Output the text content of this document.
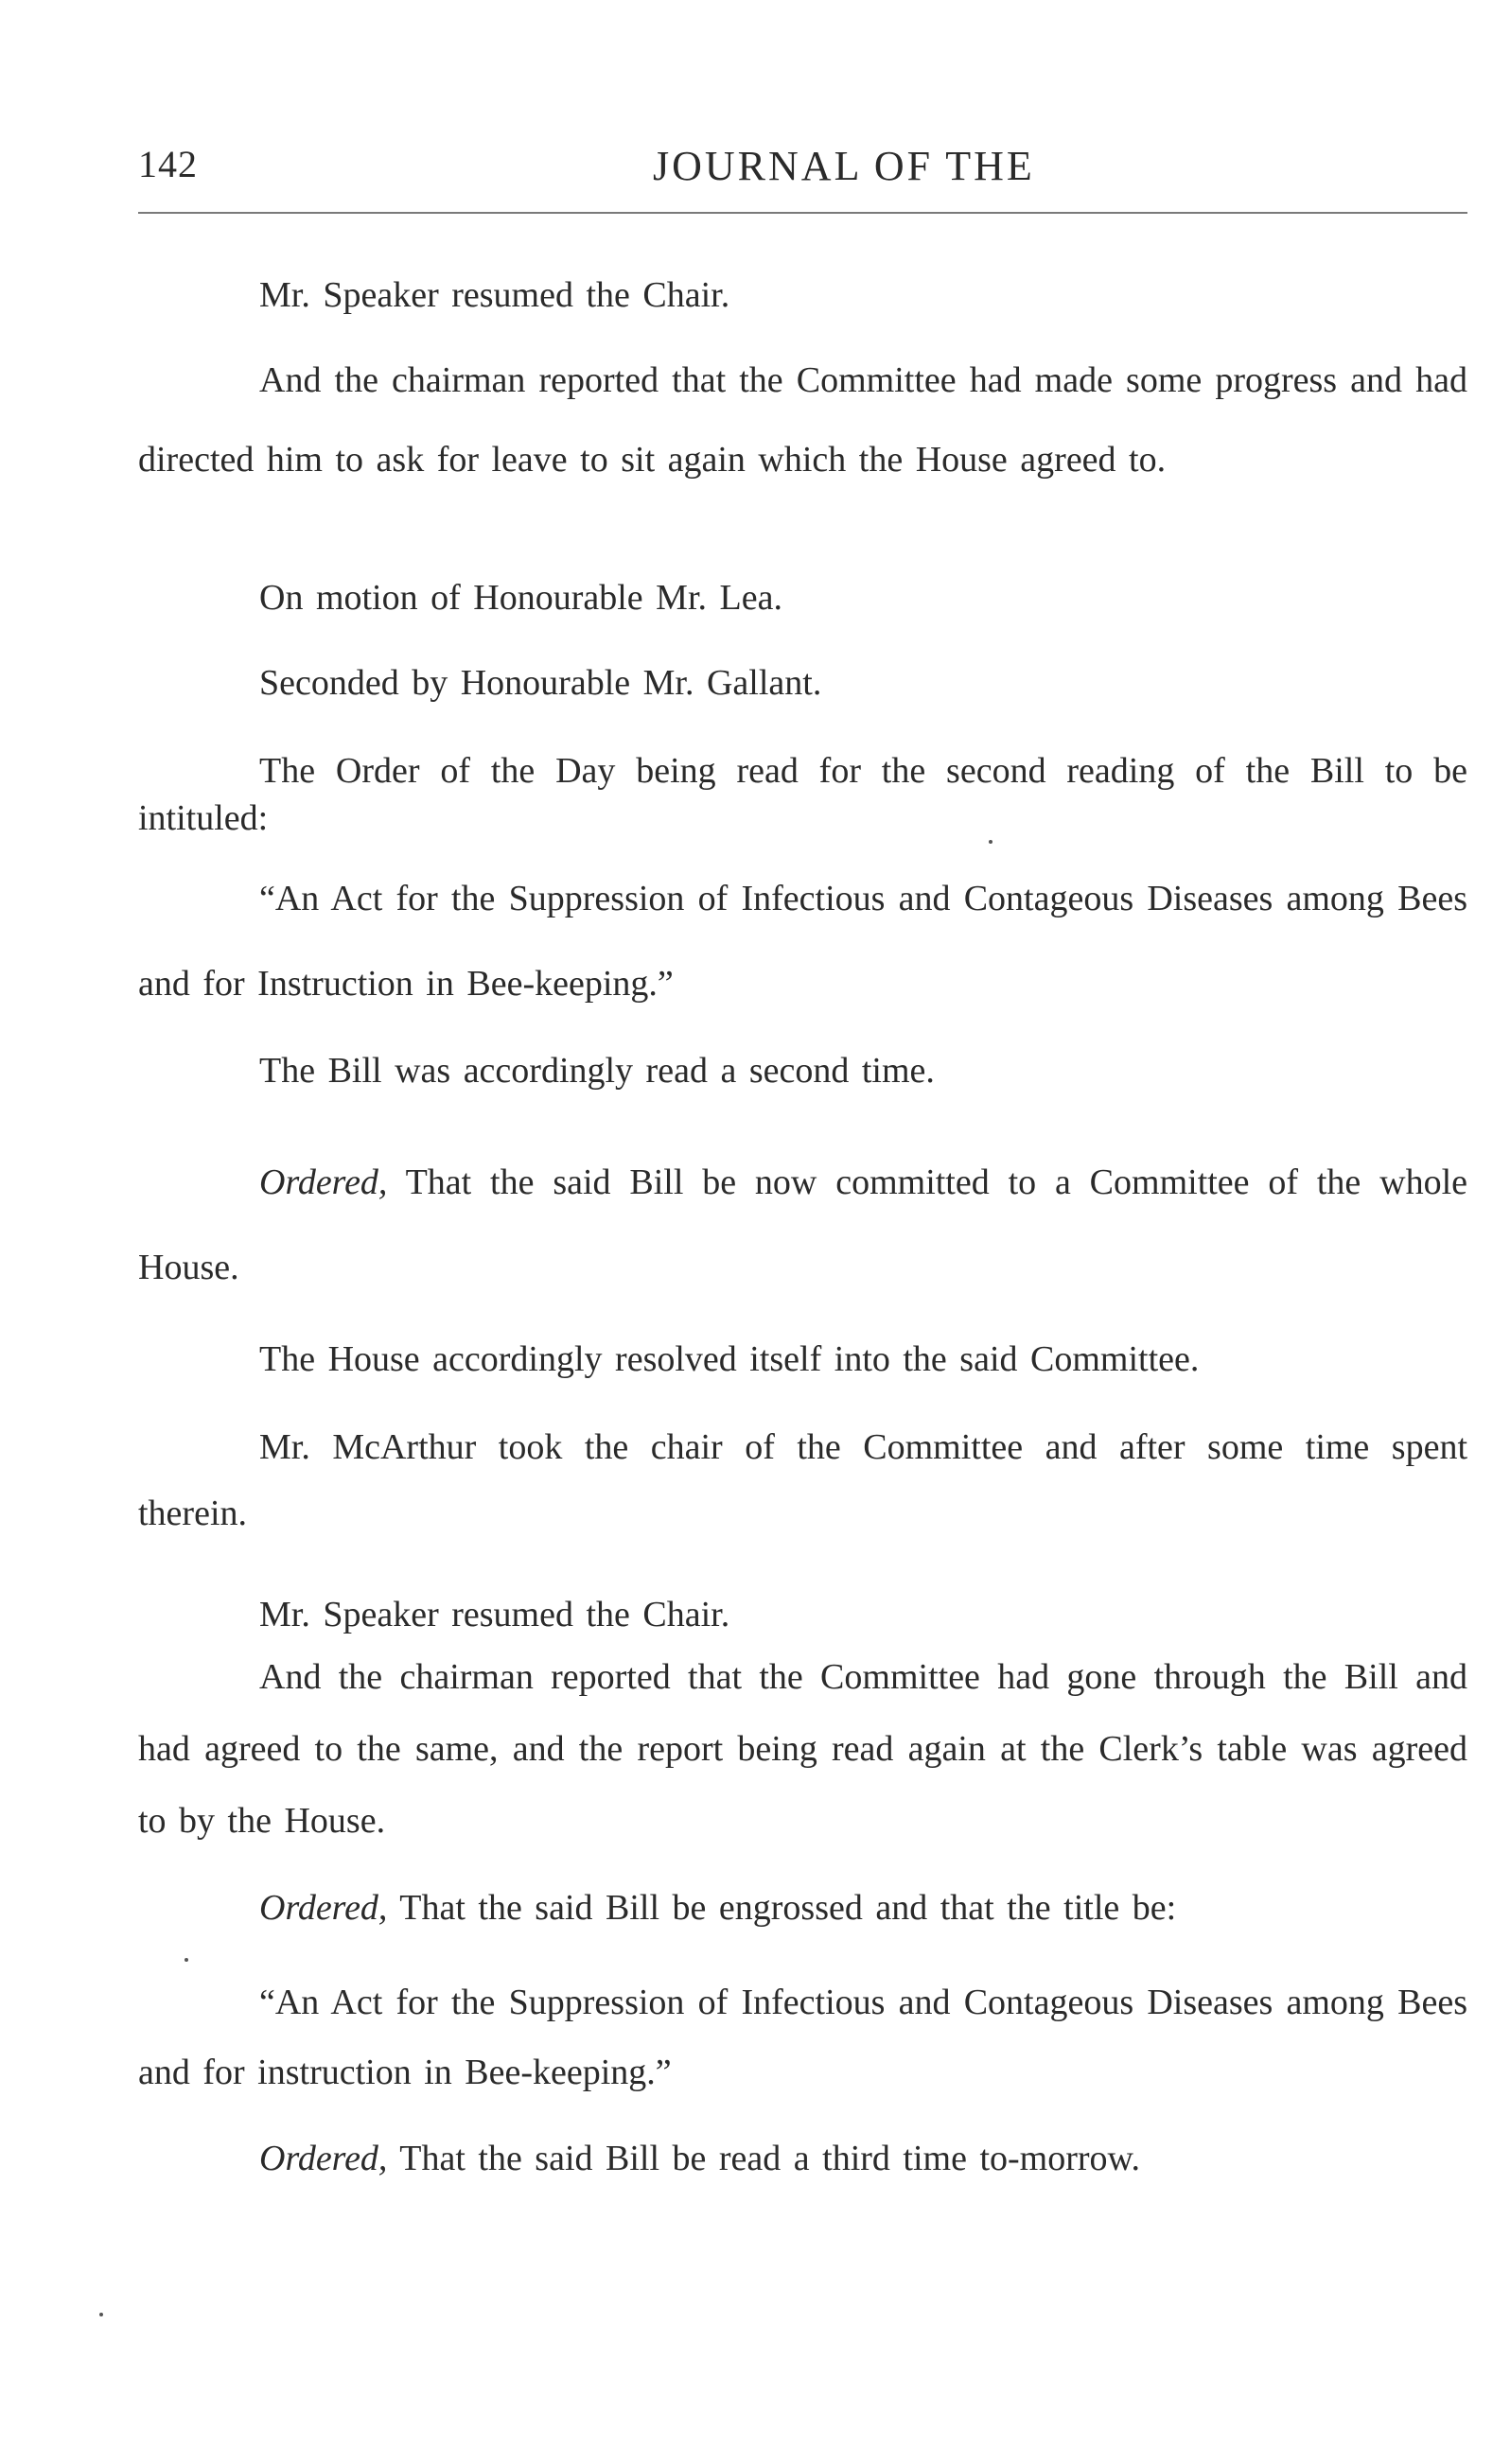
142	JOURNAL OF THE

Mr. Speaker resumed the Chair.

And the chairman reported that the Committee had made some progress and had directed him to ask for leave to sit again which the House agreed to.

On motion of Honourable Mr. Lea.

Seconded by Honourable Mr. Gallant.

The Order of the Day being read for the second reading of the Bill to be intituled:

“An Act for the Suppression of Infectious and Contageous Diseases among Bees and for Instruction in Bee-keeping.”

The Bill was accordingly read a second time.

Ordered, That the said Bill be now committed to a Committee of the whole House.

The House accordingly resolved itself into the said Committee.

Mr. McArthur took the chair of the Committee and after some time spent therein.

Mr. Speaker resumed the Chair.

And the chairman reported that the Committee had gone through the Bill and had agreed to the same, and the report being read again at the Clerk’s table was agreed to by the House.

Ordered, That the said Bill be engrossed and that the title be:

“An Act for the Suppression of Infectious and Contageous Diseases among Bees and for instruction in Bee-keeping.”

Ordered, That the said Bill be read a third time to-morrow.
